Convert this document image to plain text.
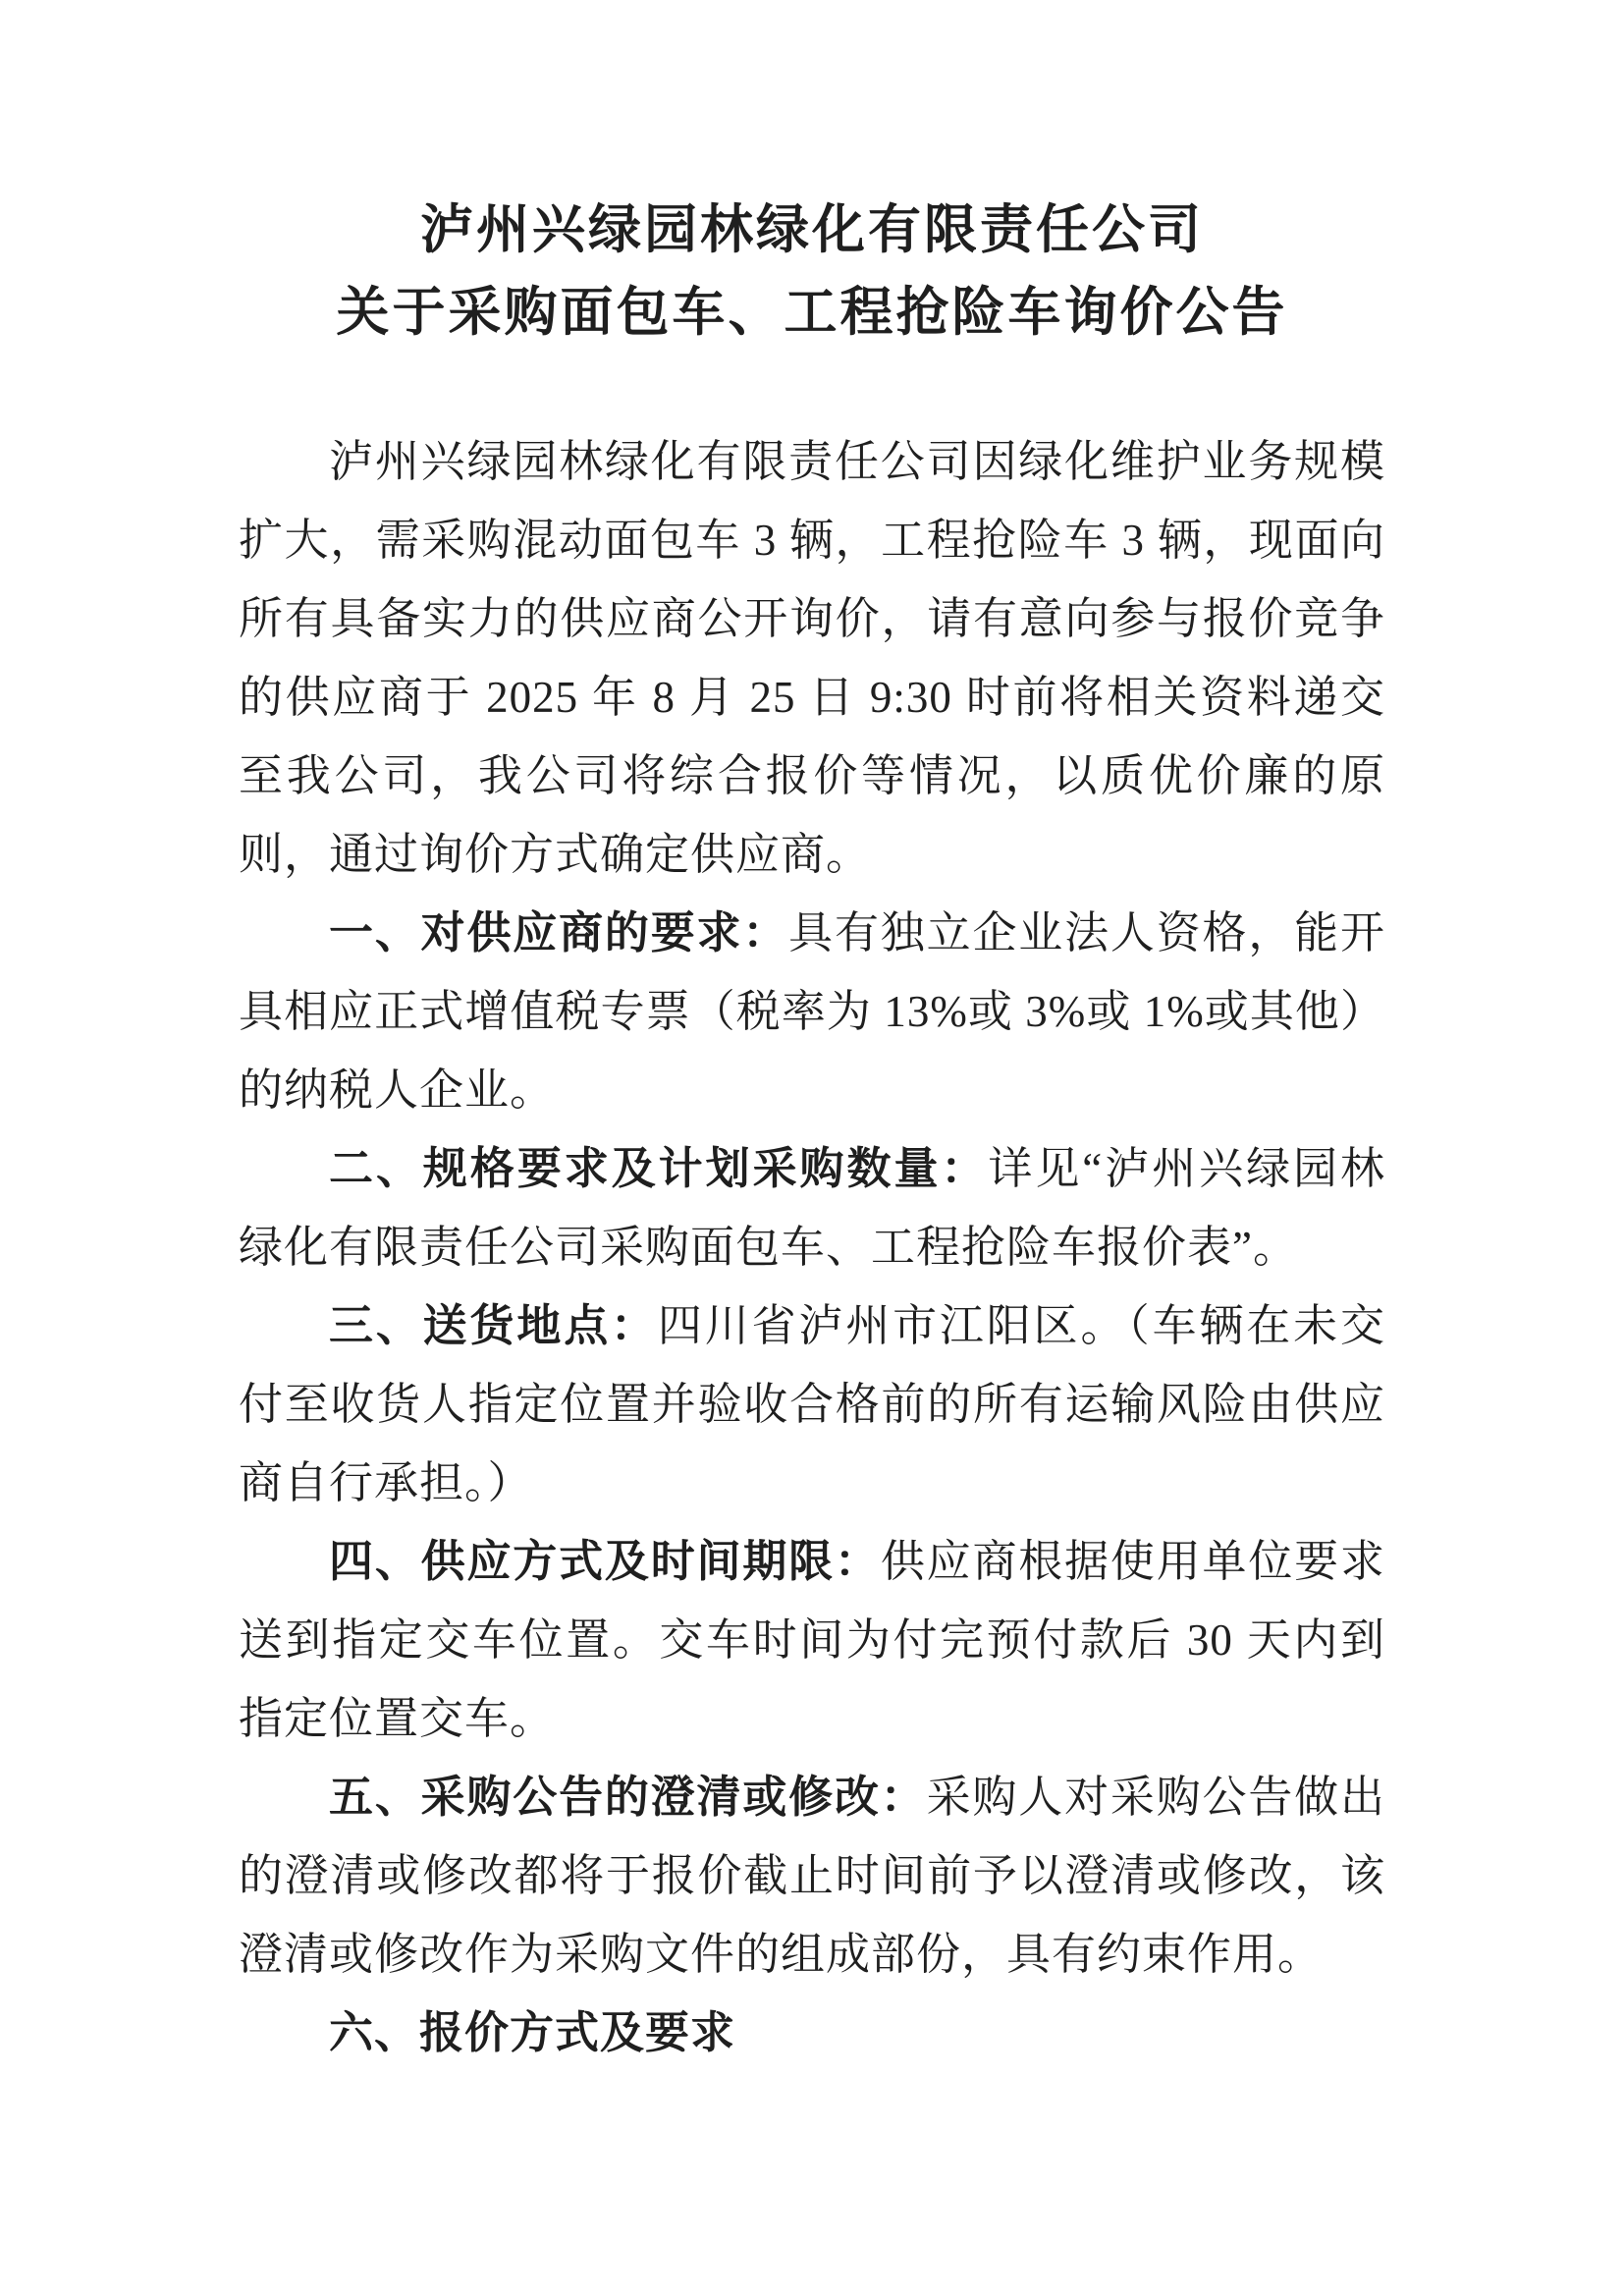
泸州兴绿园林绿化有限责任公司
关于采购面包车、工程抢险车询价公告

泸州兴绿园林绿化有限责任公司因绿化维护业务规模扩大，需采购混动面包车 3 辆，工程抢险车 3 辆，现面向所有具备实力的供应商公开询价，请有意向参与报价竞争的供应商于 2025 年 8 月 25 日 9:30 时前将相关资料递交至我公司，我公司将综合报价等情况，以质优价廉的原则，通过询价方式确定供应商。

一、对供应商的要求：具有独立企业法人资格，能开具相应正式增值税专票（税率为 13%或 3%或 1%或其他）的纳税人企业。

二、规格要求及计划采购数量：详见“泸州兴绿园林绿化有限责任公司采购面包车、工程抢险车报价表”。

三、送货地点：四川省泸州市江阳区。（车辆在未交付至收货人指定位置并验收合格前的所有运输风险由供应商自行承担。）

四、供应方式及时间期限：供应商根据使用单位要求送到指定交车位置。交车时间为付完预付款后 30 天内到指定位置交车。

五、采购公告的澄清或修改：采购人对采购公告做出的澄清或修改都将于报价截止时间前予以澄清或修改，该澄清或修改作为采购文件的组成部份，具有约束作用。

六、报价方式及要求
